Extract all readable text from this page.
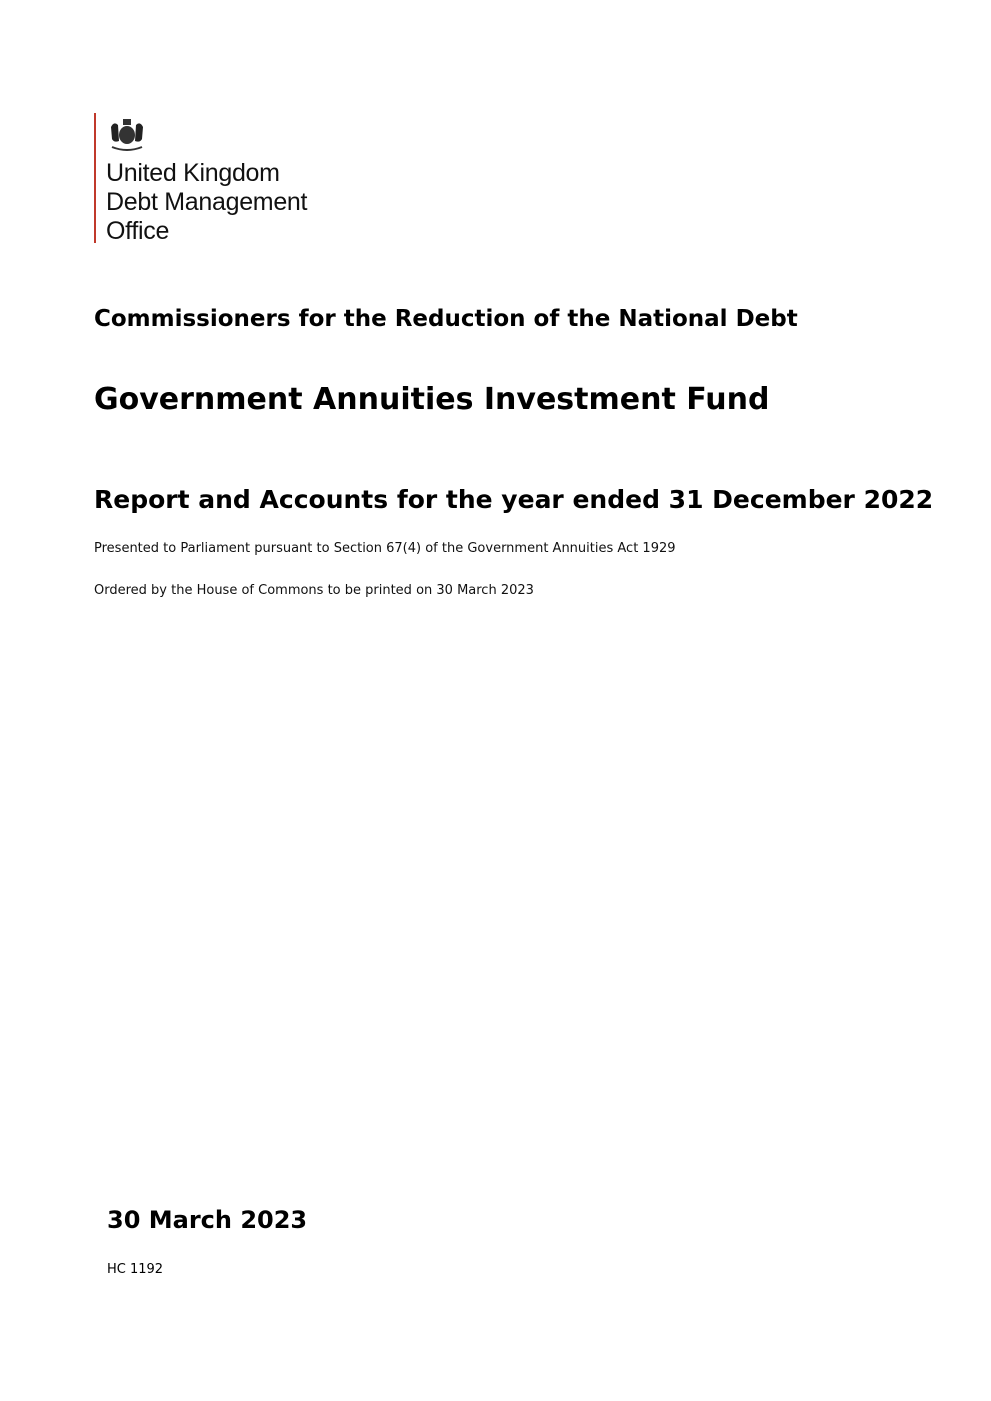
United Kingdom
Debt Management
Office
Commissioners for the Reduction of the National Debt
Government Annuities Investment Fund
Report and Accounts for the year ended 31 December 2022

Presented to Parliament pursuant to Section 67(4) of the Government Annuities Act 1929

Ordered by the House of Commons to be printed on 30 March 2023

30 March 2023

HC 1192
